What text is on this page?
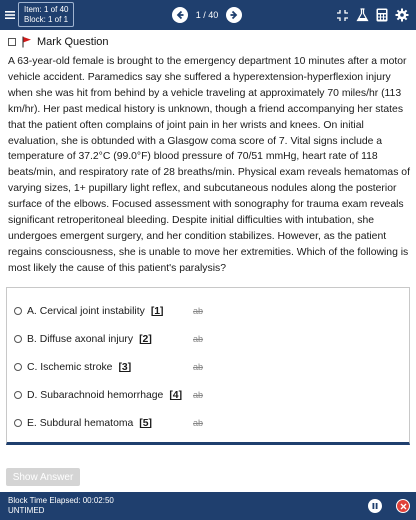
Item: 1 of 40
Block: 1 of 1	1 / 40
Mark Question
A 63-year-old female is brought to the emergency department 10 minutes after a motor vehicle accident. Paramedics say she suffered a hyperextension-hyperflexion injury when she was hit from behind by a vehicle traveling at approximately 70 miles/hr (113 km/hr). Her past medical history is unknown, though a friend accompanying her states that the patient often complains of joint pain in her wrists and knees. On initial evaluation, she is obtunded with a Glasgow coma score of 7. Vital signs include a temperature of 37.2°C (99.0°F) blood pressure of 70/51 mmHg, heart rate of 118 beats/min, and respiratory rate of 28 breaths/min. Physical exam reveals hematomas of varying sizes, 1+ pupillary light reflex, and subcutaneous nodules along the posterior surface of the elbows. Focused assessment with sonography for trauma exam reveals significant retroperitoneal bleeding. Despite initial difficulties with intubation, she undergoes emergent surgery, and her condition stabilizes. However, as the patient regains consciousness, she is unable to move her extremities. Which of the following is most likely the cause of this patient's paralysis?
A. Cervical joint instability [1]	ab
B. Diffuse axonal injury [2]	ab
C. Ischemic stroke [3]	ab
D. Subarachnoid hemorrhage [4] ab
E. Subdural hematoma [5]	ab
Show Answer
Block Time Elapsed: 00:02:50
UNTIMED
